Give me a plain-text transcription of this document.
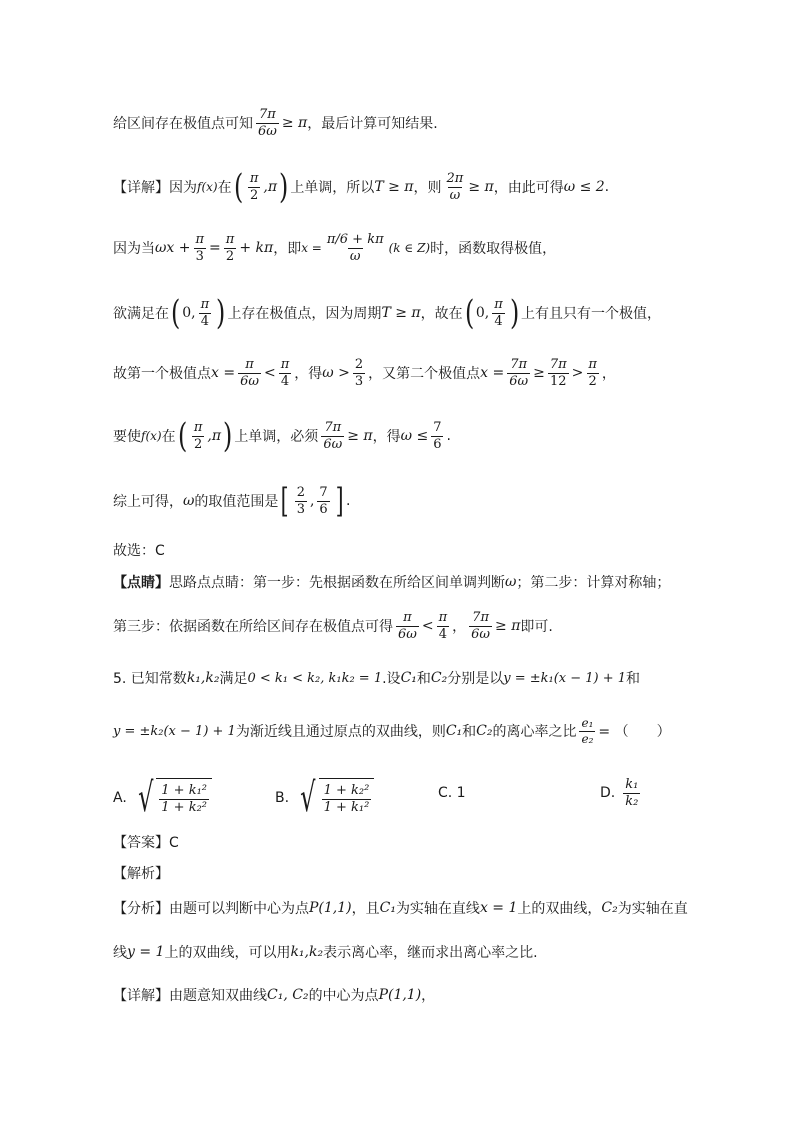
给区间存在极值点可知 $\frac{7\pi}{6\omega} \ge \pi$ ，最后计算可知结果.
【详解】 因为 f(x) 在 ( $\frac{\pi}{2} ,\pi$ ) 上单调，所以 T ≥ π ，则 $\frac{2\pi}{\omega} \ge \pi$ ，由此可得 ω ≤ 2 .
因为当 $\omega x + \frac{\pi}{3} = \frac{\pi}{2} + k\pi$ ，即 $x = \frac{\pi/6 + k\pi}{\omega} (k$ ∈ Z) 时，函数取得极值，
欲满足在 ( 0, $\frac{\pi}{4}$ ) 上存在极值点，因为周期 T ≥ π ，故在 ( 0, $\frac{\pi}{4}$ ) 上有且只有一个极值，
故第一个极值点 $x = \frac{\pi}{6\omega} < \frac{\pi}{4}$ ，得 $\omega > \frac{2}{3}$ ，又第二个极值点 $x = \frac{7\pi}{6\omega} \ge \frac{7\pi}{12} > \frac{\pi}{2}$ ，
要使 f(x) 在 ( $\frac{\pi}{2} ,\pi$ ) 上单调，必须 $\frac{7\pi}{6\omega} \ge \pi$ ，得 $\omega \le \frac{7}{6}$ .
综上可得， ω 的取值范围是 [ $\frac{2}{3}$ , $\frac{7}{6}$ ] .
故选：C
【点睛】 思路点点睛：第一步：先根据函数在所给区间单调判断 ω ；第二步：计算对称轴；
第三步：依据函数在所给区间存在极值点可得 $\frac{\pi}{6\omega} < \frac{\pi}{4}$ ， $\frac{7\pi}{6\omega} \ge \pi$ 即可.
5. 已知常数 k₁,k₂ 满足 0 < k₁ < k₂, k₁k₂ = 1 .设 C₁ 和 C₂ 分别是以 y = ±k₁(x − 1) + 1 和
y = ±k₂(x − 1) + 1 为渐近线且通过原点的双曲线，则 C₁ 和 C₂ 的离心率之比 $\frac{\text{e₁}}{\text{e₂}}$ = （　　）
A. √ $\frac{\text{1 + k₁²}}{\text{1 + k₂²}}$	B. √ $\frac{\text{1 + k₂²}}{\text{1 + k₁²}}$	C. 1	D. $\frac{\text{k₁}}{\text{k₂}}$
【答案】C
【解析】
【分析】 由题可以判断中心为点 P(1,1) ，且 C₁ 为实轴在直线 x = 1 上的双曲线， C₂ 为实轴在直
线 y = 1 上的双曲线，可以用 k₁,k₂ 表示离心率，继而求出离心率之比.
【详解】 由题意知双曲线 C₁, C₂ 的中心为点 P(1,1) ，
